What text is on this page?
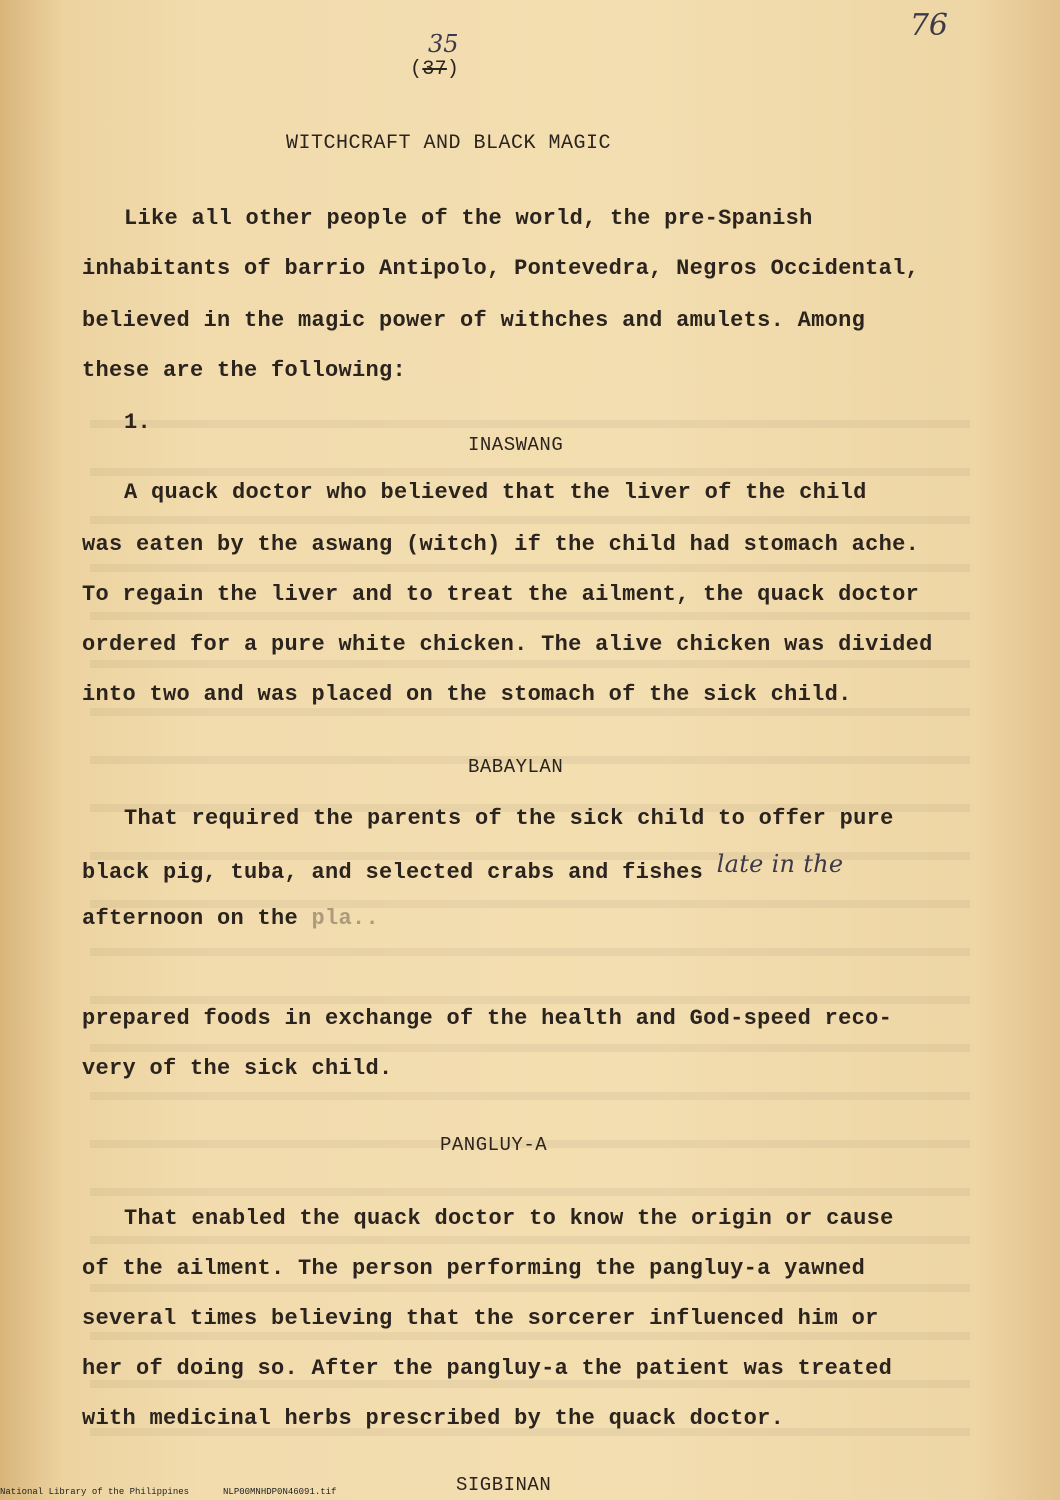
76
35
(37)
WITCHCRAFT AND BLACK MAGIC
Like all other people of the world, the pre-Spanish
inhabitants of barrio Antipolo, Pontevedra, Negros Occidental,
believed in the magic power of withches and amulets. Among
these are the following:
1.
INASWANG
A quack doctor who believed that the liver of the child
was eaten by the aswang (witch) if the child had stomach ache.
To regain the liver and to treat the ailment, the quack doctor
ordered for a pure white chicken. The alive chicken was divided
into two and was placed on the stomach of the sick child.
BABAYLAN
That required the parents of the sick child to offer pure
black pig, tuba, and selected crabs and fishes late in the
afternoon on the pla..
prepared foods in exchange of the health and God-speed reco-
very of the sick child.
PANGLUY-A
That enabled the quack doctor to know the origin or cause
of the ailment. The person performing the pangluy-a yawned
several times believing that the sorcerer influenced him or
her of doing so. After the pangluy-a the patient was treated
with medicinal herbs prescribed by the quack doctor.
SIGBINAN
National Library of the Philippines	NLP00MNHDP0N46091.tif
